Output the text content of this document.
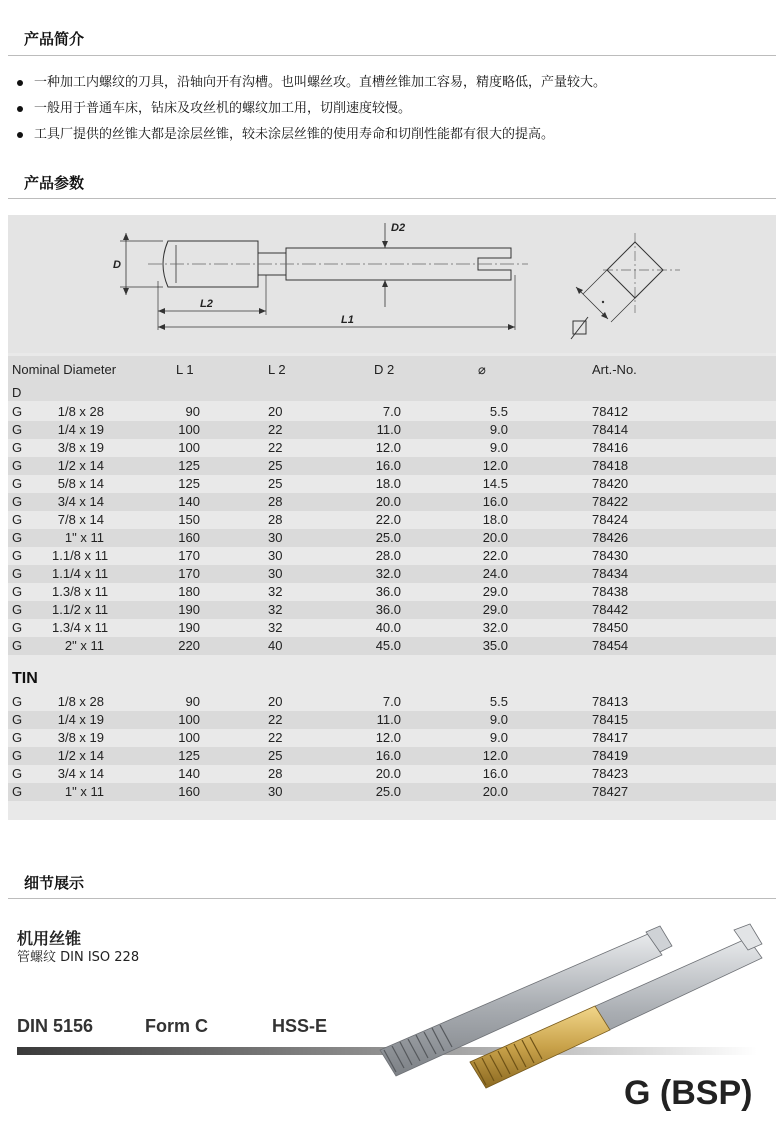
产品简介
一种加工内螺纹的刀具，沿轴向开有沟槽。也叫螺丝攻。直槽丝锥加工容易，精度略低，产量较大。
一般用于普通车床，钻床及攻丝机的螺纹加工用，切削速度较慢。
工具厂提供的丝锥大都是涂层丝锥，较未涂层丝锥的使用寿命和切削性能都有很大的提高。
产品参数
D
D2
L2
L1
Nominal Diameter
D
L 1	L 2	D 2	⌀	Art.-No.
G	1/8 x 28	90	20	7.0	5.5	78412
G	1/4 x 19	100	22	11.0	9.0	78414
G	3/8 x 19	100	22	12.0	9.0	78416
G	1/2 x 14	125	25	16.0	12.0	78418
G	5/8 x 14	125	25	18.0	14.5	78420
G	3/4 x 14	140	28	20.0	16.0	78422
G	7/8 x 14	150	28	22.0	18.0	78424
G	1" x 11	160	30	25.0	20.0	78426
G 1.1/8 x 11	170	30	28.0	22.0	78430
G 1.1/4 x 11	170	30	32.0	24.0	78434
G 1.3/8 x 11	180	32	36.0	29.0	78438
G 1.1/2 x 11	190	32	36.0	29.0	78442
G 1.3/4 x 11	190	32	40.0	32.0	78450
G	2" x 11	220	40	45.0	35.0	78454
TIN
G	1/8 x 28	90	20	7.0	5.5	78413
G	1/4 x 19	100	22	11.0	9.0	78415
G	3/8 x 19	100	22	12.0	9.0	78417
G	1/2 x 14	125	25	16.0	12.0	78419
G	3/4 x 14	140	28	20.0	16.0	78423
G	1" x 11	160	30	25.0	20.0	78427
细节展示
机用丝锥
管螺纹 DIN ISO 228
DIN 5156	Form C	HSS-E
G (BSP)
